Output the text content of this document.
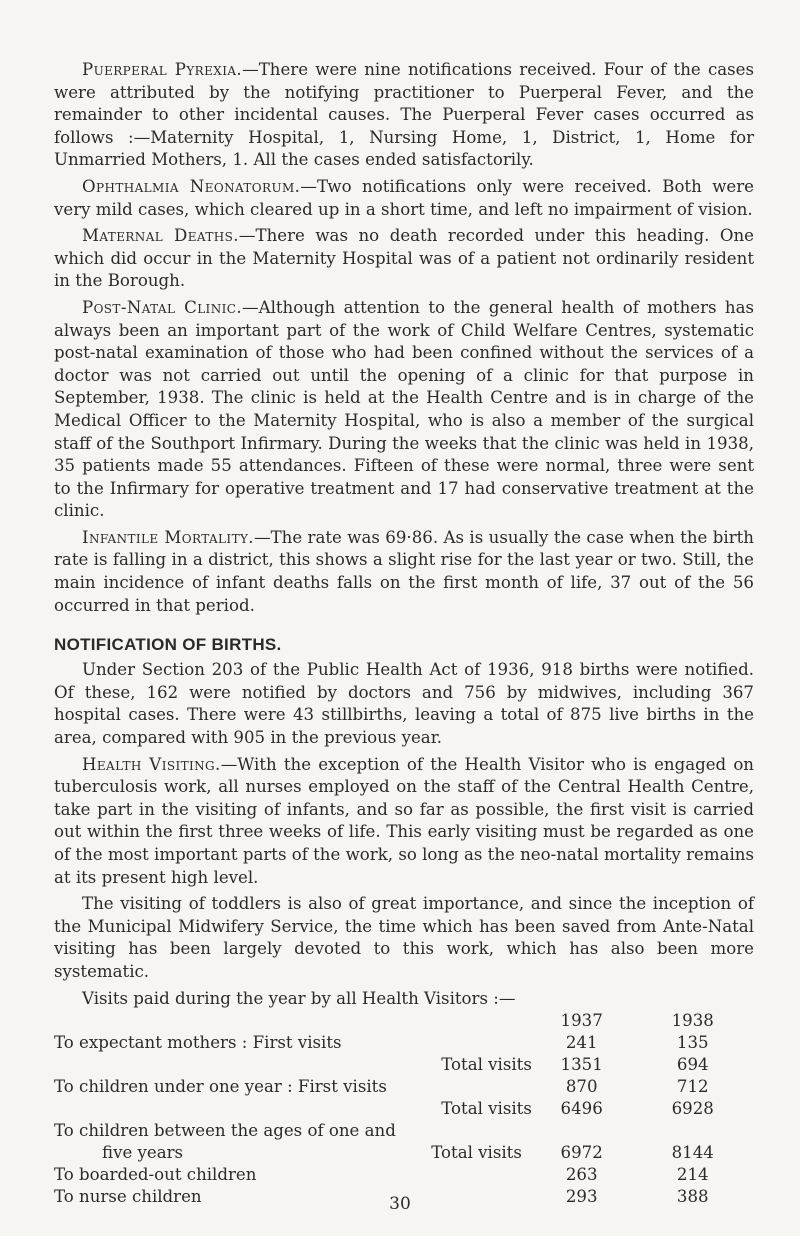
Puerperal Pyrexia.—There were nine notifications received. Four of the cases were attributed by the notifying practitioner to Puerperal Fever, and the remainder to other incidental causes. The Puerperal Fever cases occurred as follows :—Maternity Hospital, 1, Nursing Home, 1, District, 1, Home for Unmarried Mothers, 1. All the cases ended satisfactorily.

Ophthalmia Neonatorum.—Two notifications only were received. Both were very mild cases, which cleared up in a short time, and left no impairment of vision.

Maternal Deaths.—There was no death recorded under this heading. One which did occur in the Maternity Hospital was of a patient not ordinarily resident in the Borough.

Post-Natal Clinic.—Although attention to the general health of mothers has always been an important part of the work of Child Welfare Centres, systematic post-natal examination of those who had been confined without the services of a doctor was not carried out until the opening of a clinic for that purpose in September, 1938. The clinic is held at the Health Centre and is in charge of the Medical Officer to the Maternity Hospital, who is also a member of the surgical staff of the Southport Infirmary. During the weeks that the clinic was held in 1938, 35 patients made 55 attendances. Fifteen of these were normal, three were sent to the Infirmary for operative treatment and 17 had conservative treatment at the clinic.

Infantile Mortality.—The rate was 69·86. As is usually the case when the birth rate is falling in a district, this shows a slight rise for the last year or two. Still, the main incidence of infant deaths falls on the first month of life, 37 out of the 56 occurred in that period.

NOTIFICATION OF BIRTHS.

Under Section 203 of the Public Health Act of 1936, 918 births were notified. Of these, 162 were notified by doctors and 756 by midwives, including 367 hospital cases. There were 43 stillbirths, leaving a total of 875 live births in the area, compared with 905 in the previous year.

Health Visiting.—With the exception of the Health Visitor who is engaged on tuberculosis work, all nurses employed on the staff of the Central Health Centre, take part in the visiting of infants, and so far as possible, the first visit is carried out within the first three weeks of life. This early visiting must be regarded as one of the most important parts of the work, so long as the neo-natal mortality remains at its present high level.

The visiting of toddlers is also of great importance, and since the inception of the Municipal Midwifery Service, the time which has been saved from Ante-Natal visiting has been largely devoted to this work, which has also been more systematic.

Visits paid during the year by all Health Visitors :—

	1937	1938
To expectant mothers : First visits	241	135
Total visits	1351	694
To children under one year : First visits	870	712
Total visits	6496	6928
To children between the ages of one and		
five years Total visits	6972	8144
To boarded-out children	263	214
To nurse children	293	388
30
